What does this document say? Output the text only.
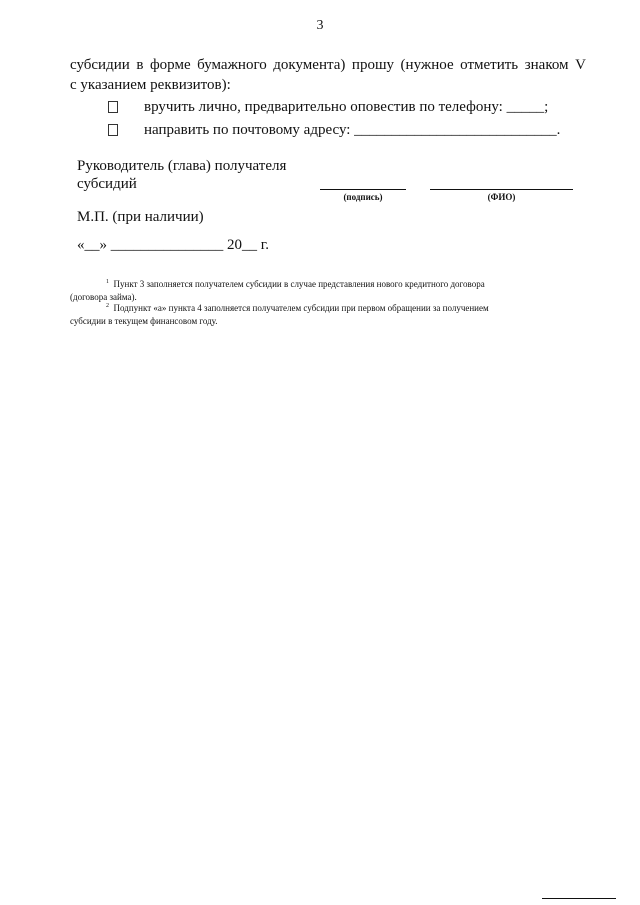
3
субсидии в форме бумажного документа) прошу (нужное отметить знаком V
с указанием реквизитов):
вручить лично, предварительно оповестив по телефону: _____;
направить по почтовому адресу: ___________________________.
Руководитель (глава) получателя
субсидий
(подпись)	(ФИО)
М.П. (при наличии)
«__» _______________ 20__ г.
$^1$ Пункт 3 заполняется получателем субсидии в случае представления нового кредитного договора
(договора займа).
$^2$ Подпункт «а» пункта 4 заполняется получателем субсидии при первом обращении за получением
субсидии в текущем финансовом году.
